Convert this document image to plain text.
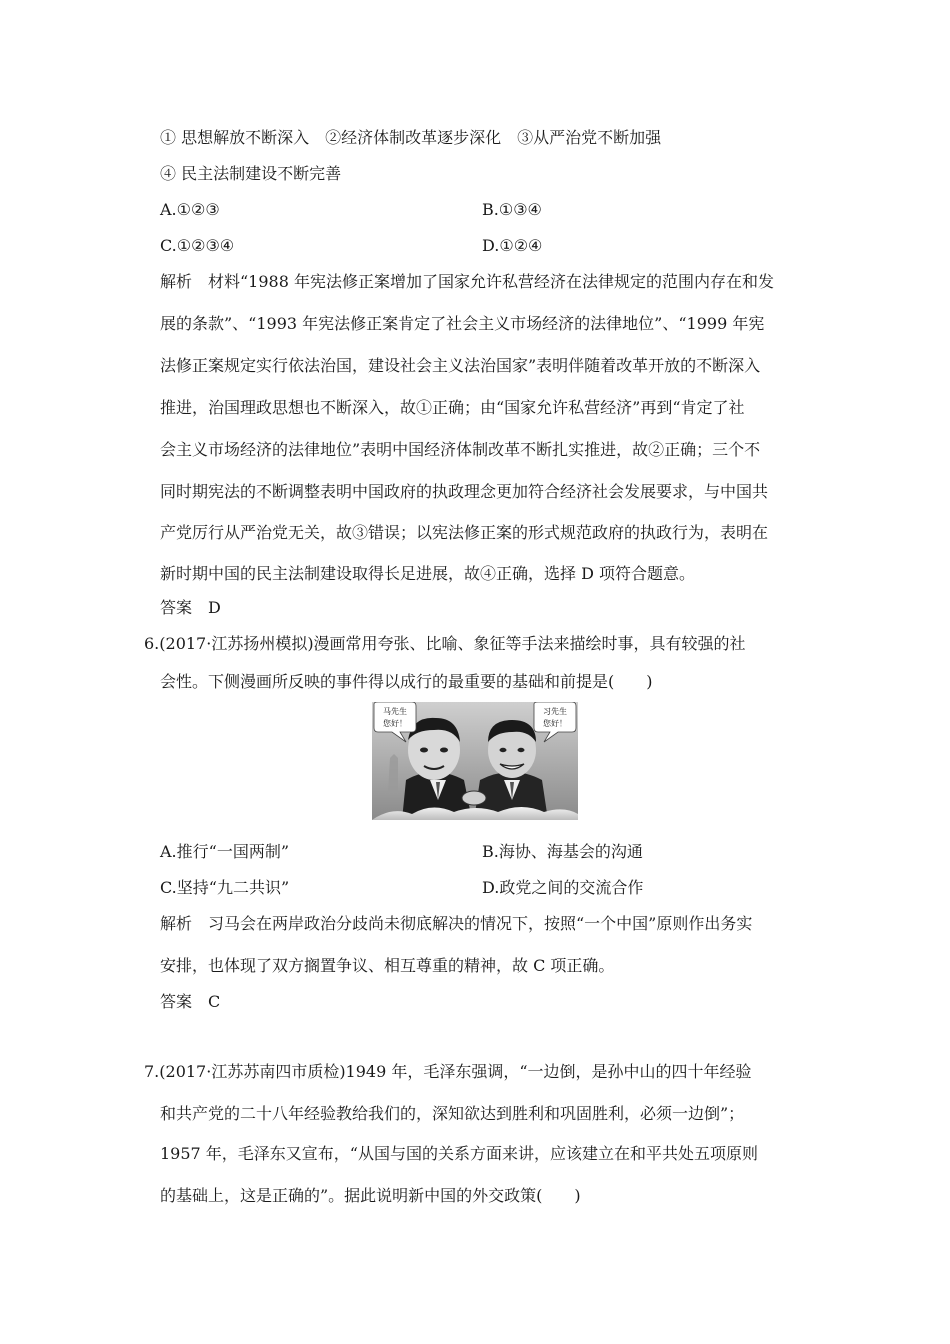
① 思想解放不断深入　②经济体制改革逐步深化　③从严治党不断加强
④ 民主法制建设不断完善
A.①②③	B.①③④
C.①②③④	D.①②④
解析　材料“1988 年宪法修正案增加了国家允许私营经济在法律规定的范围内存在和发
展的条款”、“1993 年宪法修正案肯定了社会主义市场经济的法律地位”、“1999 年宪
法修正案规定实行依法治国，建设社会主义法治国家”表明伴随着改革开放的不断深入
推进，治国理政思想也不断深入，故①正确；由“国家允许私营经济”再到“肯定了社
会主义市场经济的法律地位”表明中国经济体制改革不断扎实推进，故②正确；三个不
同时期宪法的不断调整表明中国政府的执政理念更加符合经济社会发展要求，与中国共
产党厉行从严治党无关，故③错误；以宪法修正案的形式规范政府的执政行为，表明在
新时期中国的民主法制建设取得长足进展，故④正确，选择 D 项符合题意。
答案　D
6.(2017·江苏扬州模拟)漫画常用夸张、比喻、象征等手法来描绘时事，具有较强的社
会性。下侧漫画所反映的事件得以成行的最重要的基础和前提是(　　)
马先生
您好！
习先生
您好！
A.推行“一国两制”	B.海协、海基会的沟通
C.坚持“九二共识”	D.政党之间的交流合作
解析　习马会在两岸政治分歧尚未彻底解决的情况下，按照“一个中国”原则作出务实
安排，也体现了双方搁置争议、相互尊重的精神，故 C 项正确。
答案　C
7.(2017·江苏苏南四市质检)1949 年，毛泽东强调，“一边倒，是孙中山的四十年经验
和共产党的二十八年经验教给我们的，深知欲达到胜利和巩固胜利，必须一边倒”；
1957 年，毛泽东又宣布，“从国与国的关系方面来讲，应该建立在和平共处五项原则
的基础上，这是正确的”。据此说明新中国的外交政策(　　)
